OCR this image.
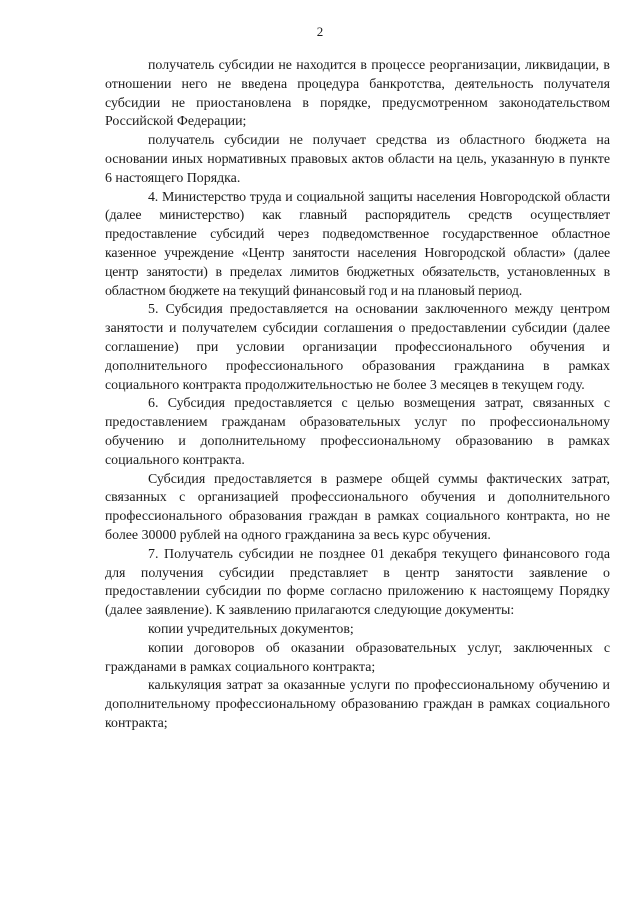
2

получатель субсидии не находится в процессе реорганизации, ликвидации, в отношении него не введена процедура банкротства, деятельность получателя субсидии не приостановлена в порядке, предусмотренном законодательством Российской Федерации;

получатель субсидии не получает средства из областного бюджета на основании иных нормативных правовых актов области на цель, указанную в пункте 6 настоящего Порядка.

4. Министерство труда и социальной защиты населения Новгородской области (далее министерство) как главный распорядитель средств осуществляет предоставление субсидий через подведомственное государственное областное казенное учреждение «Центр занятости населения Новгородской области» (далее центр занятости) в пределах лимитов бюджетных обязательств, установленных в областном бюджете на текущий финансовый год и на плановый период.

5. Субсидия предоставляется на основании заключенного между центром занятости и получателем субсидии соглашения о предоставлении субсидии (далее соглашение) при условии организации профессионального обучения и дополнительного профессионального образования гражданина в рамках социального контракта продолжительностью не более 3 месяцев в текущем году.

6. Субсидия предоставляется с целью возмещения затрат, связанных с предоставлением гражданам образовательных услуг по профессиональному обучению и дополнительному профессиональному образованию в рамках социального контракта.

Субсидия предоставляется в размере общей суммы фактических затрат, связанных с организацией профессионального обучения и дополнительного профессионального образования граждан в рамках социального контракта, но не более 30000 рублей на одного гражданина за весь курс обучения.

7. Получатель субсидии не позднее 01 декабря текущего финансового года для получения субсидии представляет в центр занятости заявление о предоставлении субсидии по форме согласно приложению к настоящему Порядку (далее заявление). К заявлению прилагаются следующие документы:

копии учредительных документов;

копии договоров об оказании образовательных услуг, заключенных с гражданами в рамках социального контракта;

калькуляция затрат за оказанные услуги по профессиональному обучению и дополнительному профессиональному образованию граждан в рамках социального контракта;
